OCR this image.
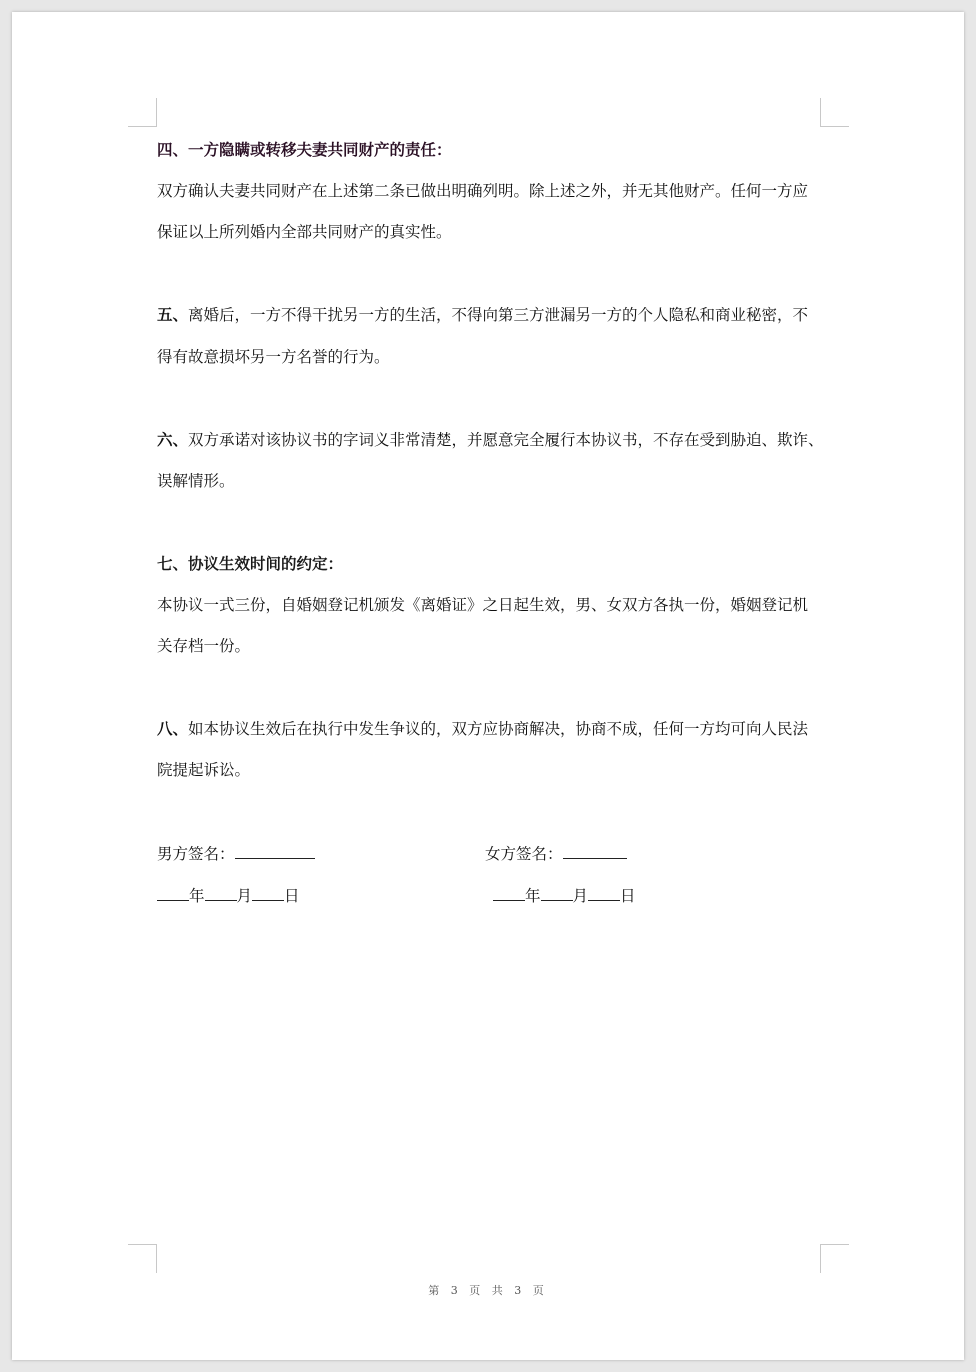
四、一方隐瞒或转移夫妻共同财产的责任：
双方确认夫妻共同财产在上述第二条已做出明确列明。除上述之外，并无其他财产。任何一方应
保证以上所列婚内全部共同财产的真实性。
五、离婚后，一方不得干扰另一方的生活，不得向第三方泄漏另一方的个人隐私和商业秘密，不
得有故意损坏另一方名誉的行为。
六、双方承诺对该协议书的字词义非常清楚，并愿意完全履行本协议书，不存在受到胁迫、欺诈、
误解情形。
七、协议生效时间的约定：
本协议一式三份，自婚姻登记机颁发《离婚证》之日起生效，男、女双方各执一份，婚姻登记机
关存档一份。
八、如本协议生效后在执行中发生争议的，双方应协商解决，协商不成，任何一方均可向人民法
院提起诉讼。
男方签名：	女方签名：
年 月 日	年 月 日
第 3 页 共 3 页
